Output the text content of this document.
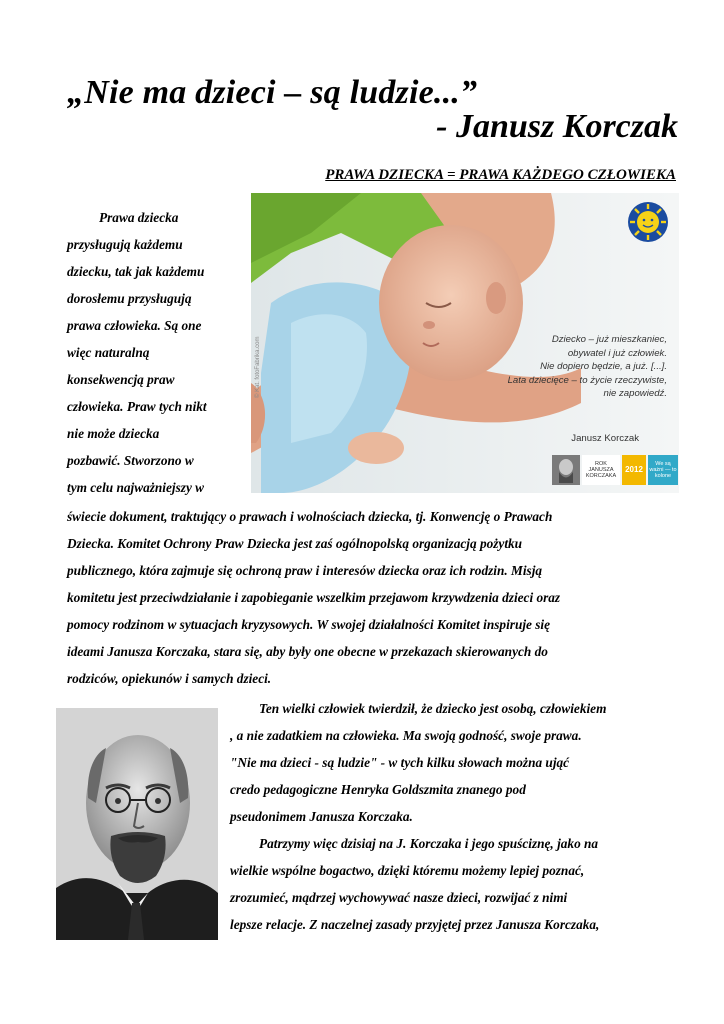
„Nie ma dzieci – są ludzie...”
- Janusz Korczak
PRAWA DZIECKA = PRAWA KAŻDEGO CZŁOWIEKA
Prawa dziecka
przysługują każdemu
dziecku, tak jak każdemu
dorosłemu przysługują
prawa człowieka. Są one
więc naturalną
konsekwencją praw
człowieka. Praw tych nikt
nie może dziecka
pozbawić. Stworzono w
tym celu najważniejszy w
Dziecko – już mieszkaniec,
obywatel i już człowiek.
Nie dopiero będzie, a już. [...].
Lata dziecięce – to życie rzeczywiste,
nie zapowiedź.
Janusz Korczak
© Kat. fotoFabrika.com
ROK JANUSZA KORCZAKA
2012
We są ważni — to kolone
świecie dokument, traktujący o prawach i wolnościach dziecka, tj. Konwencję o Prawach
Dziecka. Komitet Ochrony Praw Dziecka jest zaś ogólnopolską organizacją pożytku
publicznego, która zajmuje się ochroną praw i interesów dziecka oraz ich rodzin. Misją
komitetu jest przeciwdziałanie i zapobieganie wszelkim przejawom krzywdzenia dzieci oraz
pomocy rodzinom w sytuacjach kryzysowych. W swojej działalności Komitet inspiruje się
ideami Janusza Korczaka, stara się, aby były one obecne w przekazach skierowanych do
rodziców, opiekunów i samych dzieci.
Ten wielki człowiek twierdził, że dziecko jest osobą, człowiekiem
, a nie zadatkiem na człowieka. Ma swoją godność, swoje prawa.
"Nie ma dzieci - są ludzie" - w tych kilku słowach można ująć
credo pedagogiczne Henryka Goldszmita znanego pod
pseudonimem Janusza Korczaka.
Patrzymy więc dzisiaj na J. Korczaka i jego spuściznę, jako na
wielkie wspólne bogactwo, dzięki któremu możemy lepiej poznać,
zrozumieć, mądrzej wychowywać nasze dzieci, rozwijać z nimi
lepsze relacje. Z naczelnej zasady przyjętej przez Janusza Korczaka,
